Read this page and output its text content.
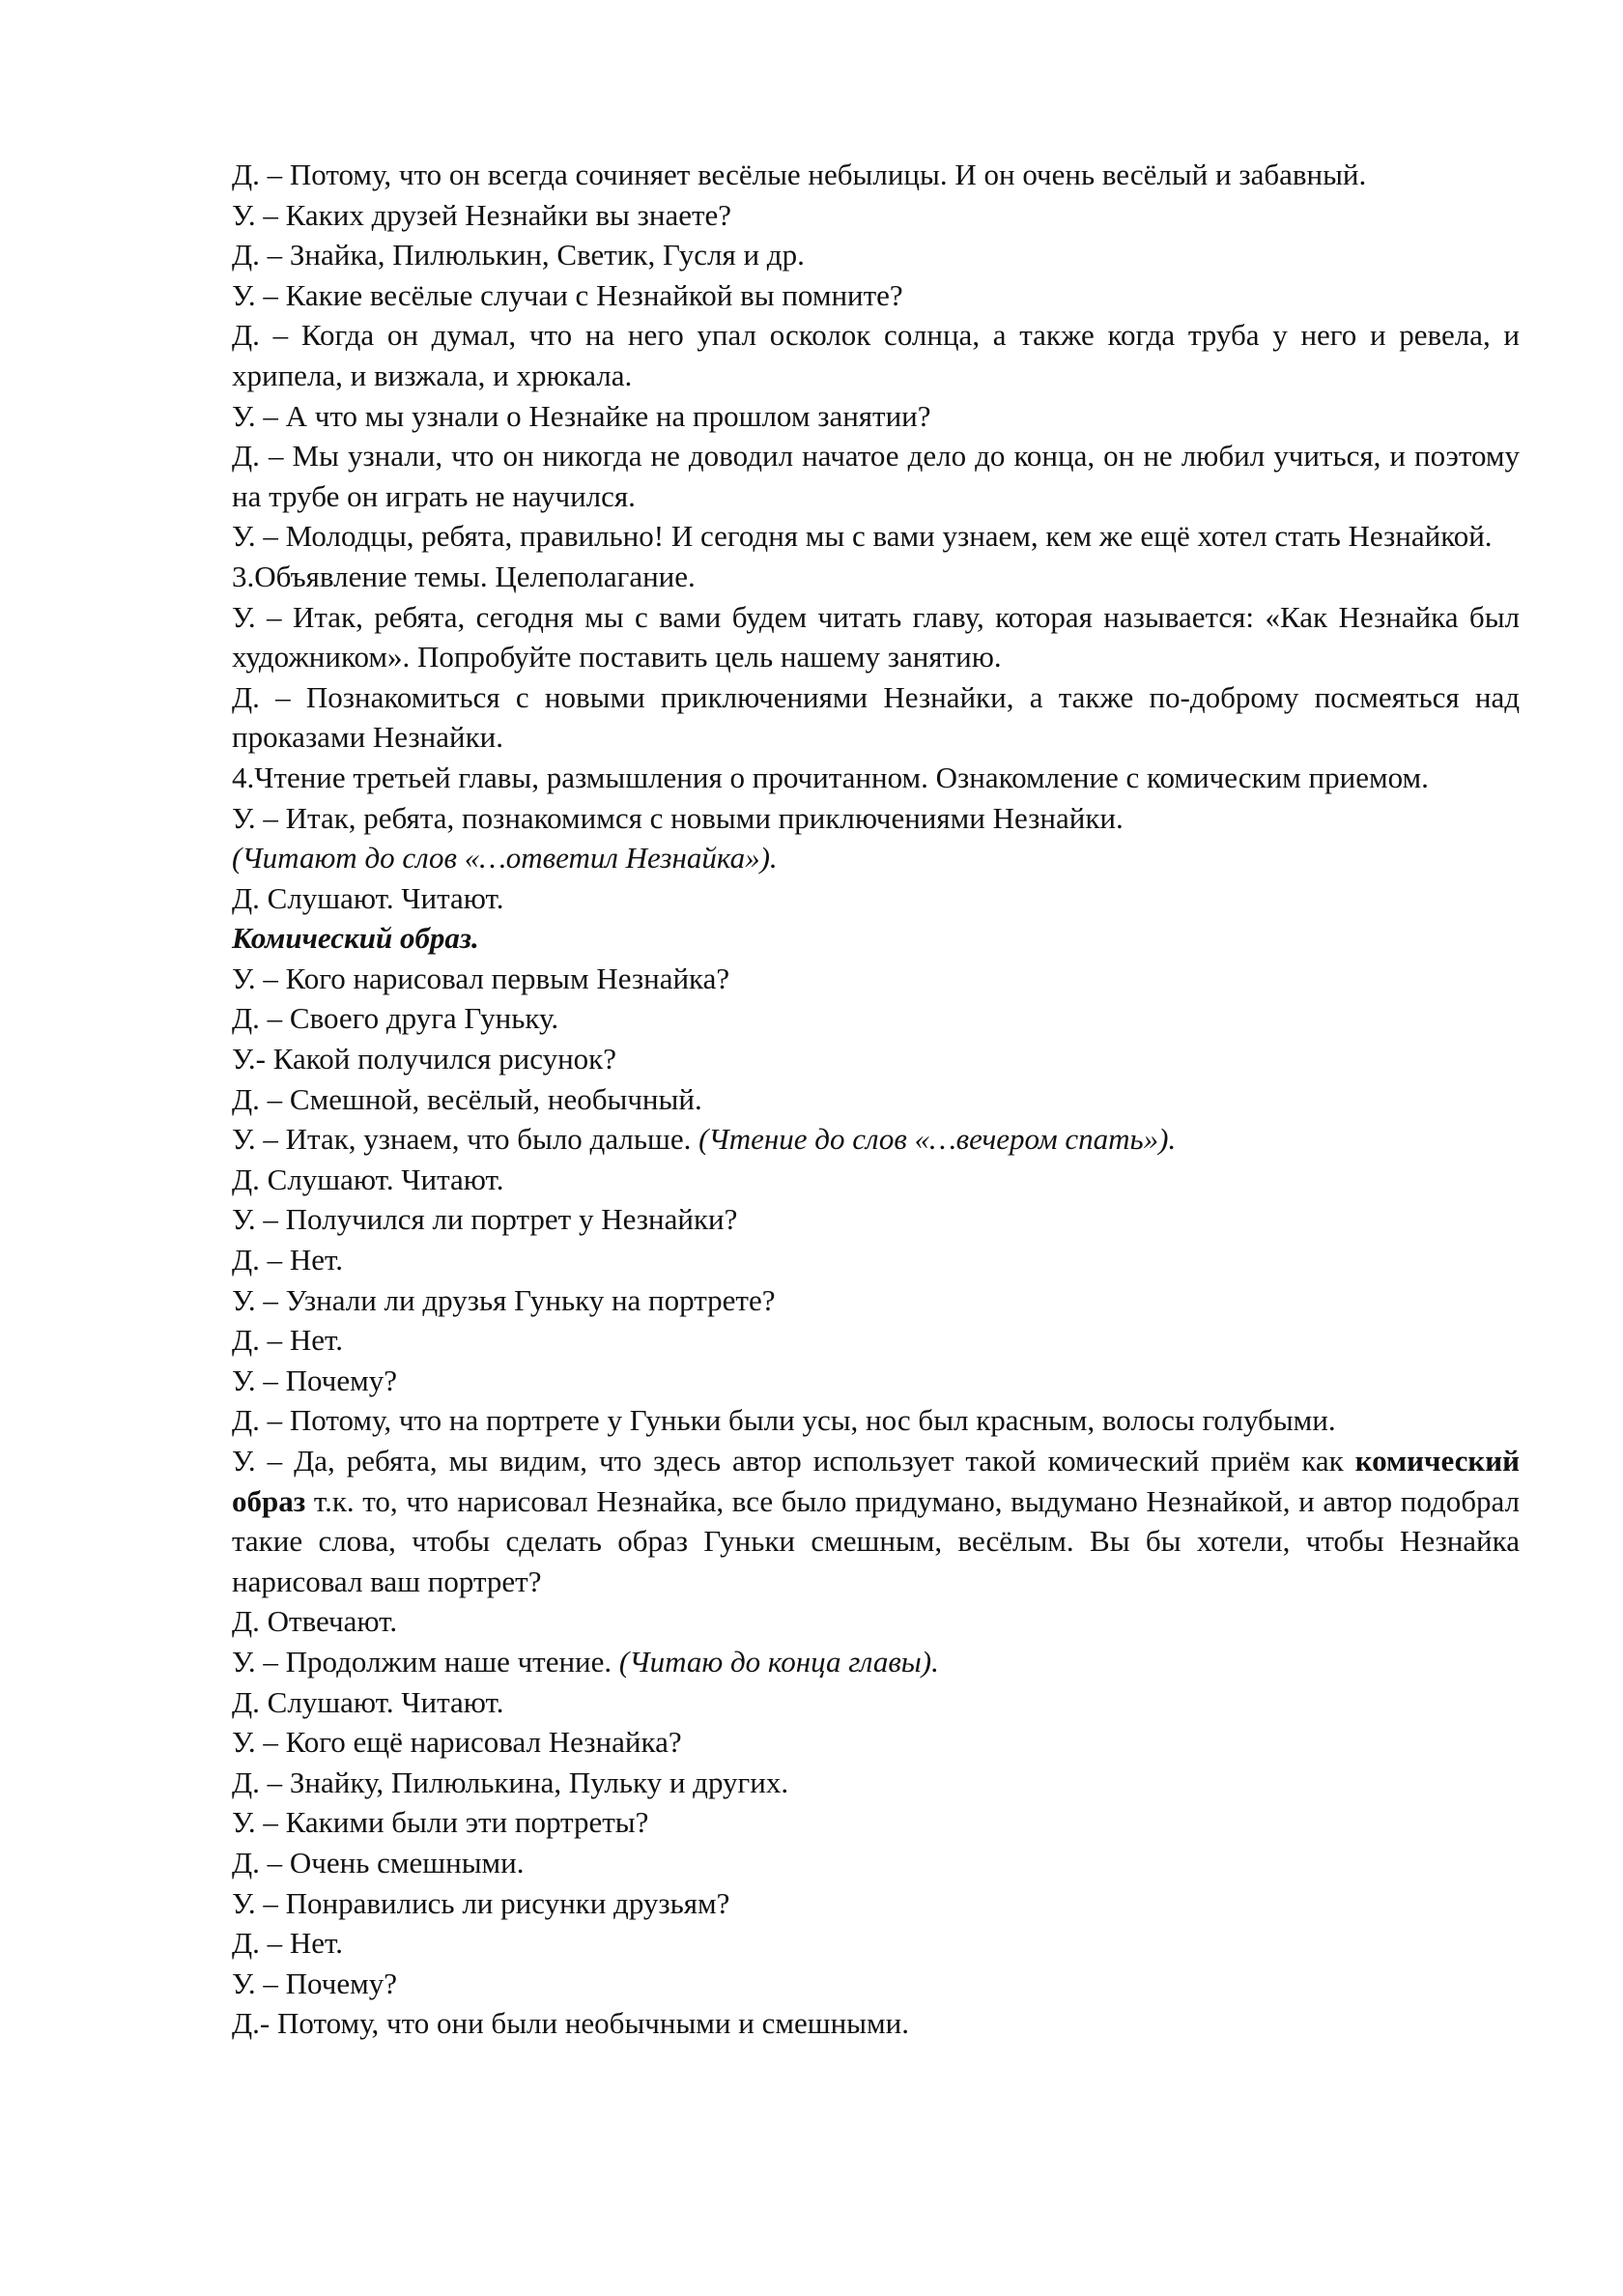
Д. – Потому, что он всегда сочиняет весёлые небылицы. И он очень весёлый и забавный.

У. – Каких друзей Незнайки вы знаете?

Д. – Знайка, Пилюлькин, Светик, Гусля и др.

У. – Какие весёлые случаи с Незнайкой вы помните?

Д. – Когда он думал, что на него упал осколок солнца, а также когда труба у него и ревела, и хрипела, и визжала, и хрюкала.

У. – А что мы узнали о Незнайке на прошлом занятии?

Д. – Мы узнали, что он никогда не доводил начатое дело до конца, он не любил учиться, и поэтому на трубе он играть не научился.

У. – Молодцы, ребята, правильно! И сегодня мы с вами узнаем, кем же ещё хотел стать Незнайкой.

3.Объявление темы. Целеполагание.

У. – Итак, ребята, сегодня мы с вами будем читать главу, которая называется: «Как Незнайка был художником». Попробуйте поставить цель нашему занятию.

Д. – Познакомиться с новыми приключениями Незнайки, а также по-доброму посмеяться над проказами Незнайки.

4.Чтение третьей главы, размышления о прочитанном. Ознакомление с комическим приемом.

У. – Итак, ребята, познакомимся с новыми приключениями Незнайки.

(Читают до слов «…ответил Незнайка»).

Д. Слушают. Читают.

Комический образ.

У. – Кого нарисовал первым Незнайка?

Д. – Своего друга Гуньку.

У.- Какой получился рисунок?

Д. – Смешной, весёлый, необычный.

У. – Итак, узнаем, что было дальше. (Чтение до слов «…вечером спать»).

Д. Слушают. Читают.

У. – Получился ли портрет у Незнайки?

Д. – Нет.

У. – Узнали ли друзья Гуньку на портрете?

Д. – Нет.

У. – Почему?

Д. – Потому, что на портрете у Гуньки были усы, нос был красным, волосы голубыми.

У. – Да, ребята, мы видим, что здесь автор использует такой комический приём как комический образ т.к. то, что нарисовал Незнайка, все было придумано, выдумано Незнайкой, и автор подобрал такие слова, чтобы сделать образ Гуньки смешным, весёлым. Вы бы хотели, чтобы Незнайка нарисовал ваш портрет?

Д. Отвечают.

У. – Продолжим наше чтение. (Читаю до конца главы).

Д. Слушают. Читают.

У. – Кого ещё нарисовал Незнайка?

Д. – Знайку, Пилюлькина, Пульку и других.

У. – Какими были эти портреты?

Д. – Очень смешными.

У. – Понравились ли рисунки друзьям?

Д. – Нет.

У. – Почему?

Д.- Потому, что они были необычными и смешными.
